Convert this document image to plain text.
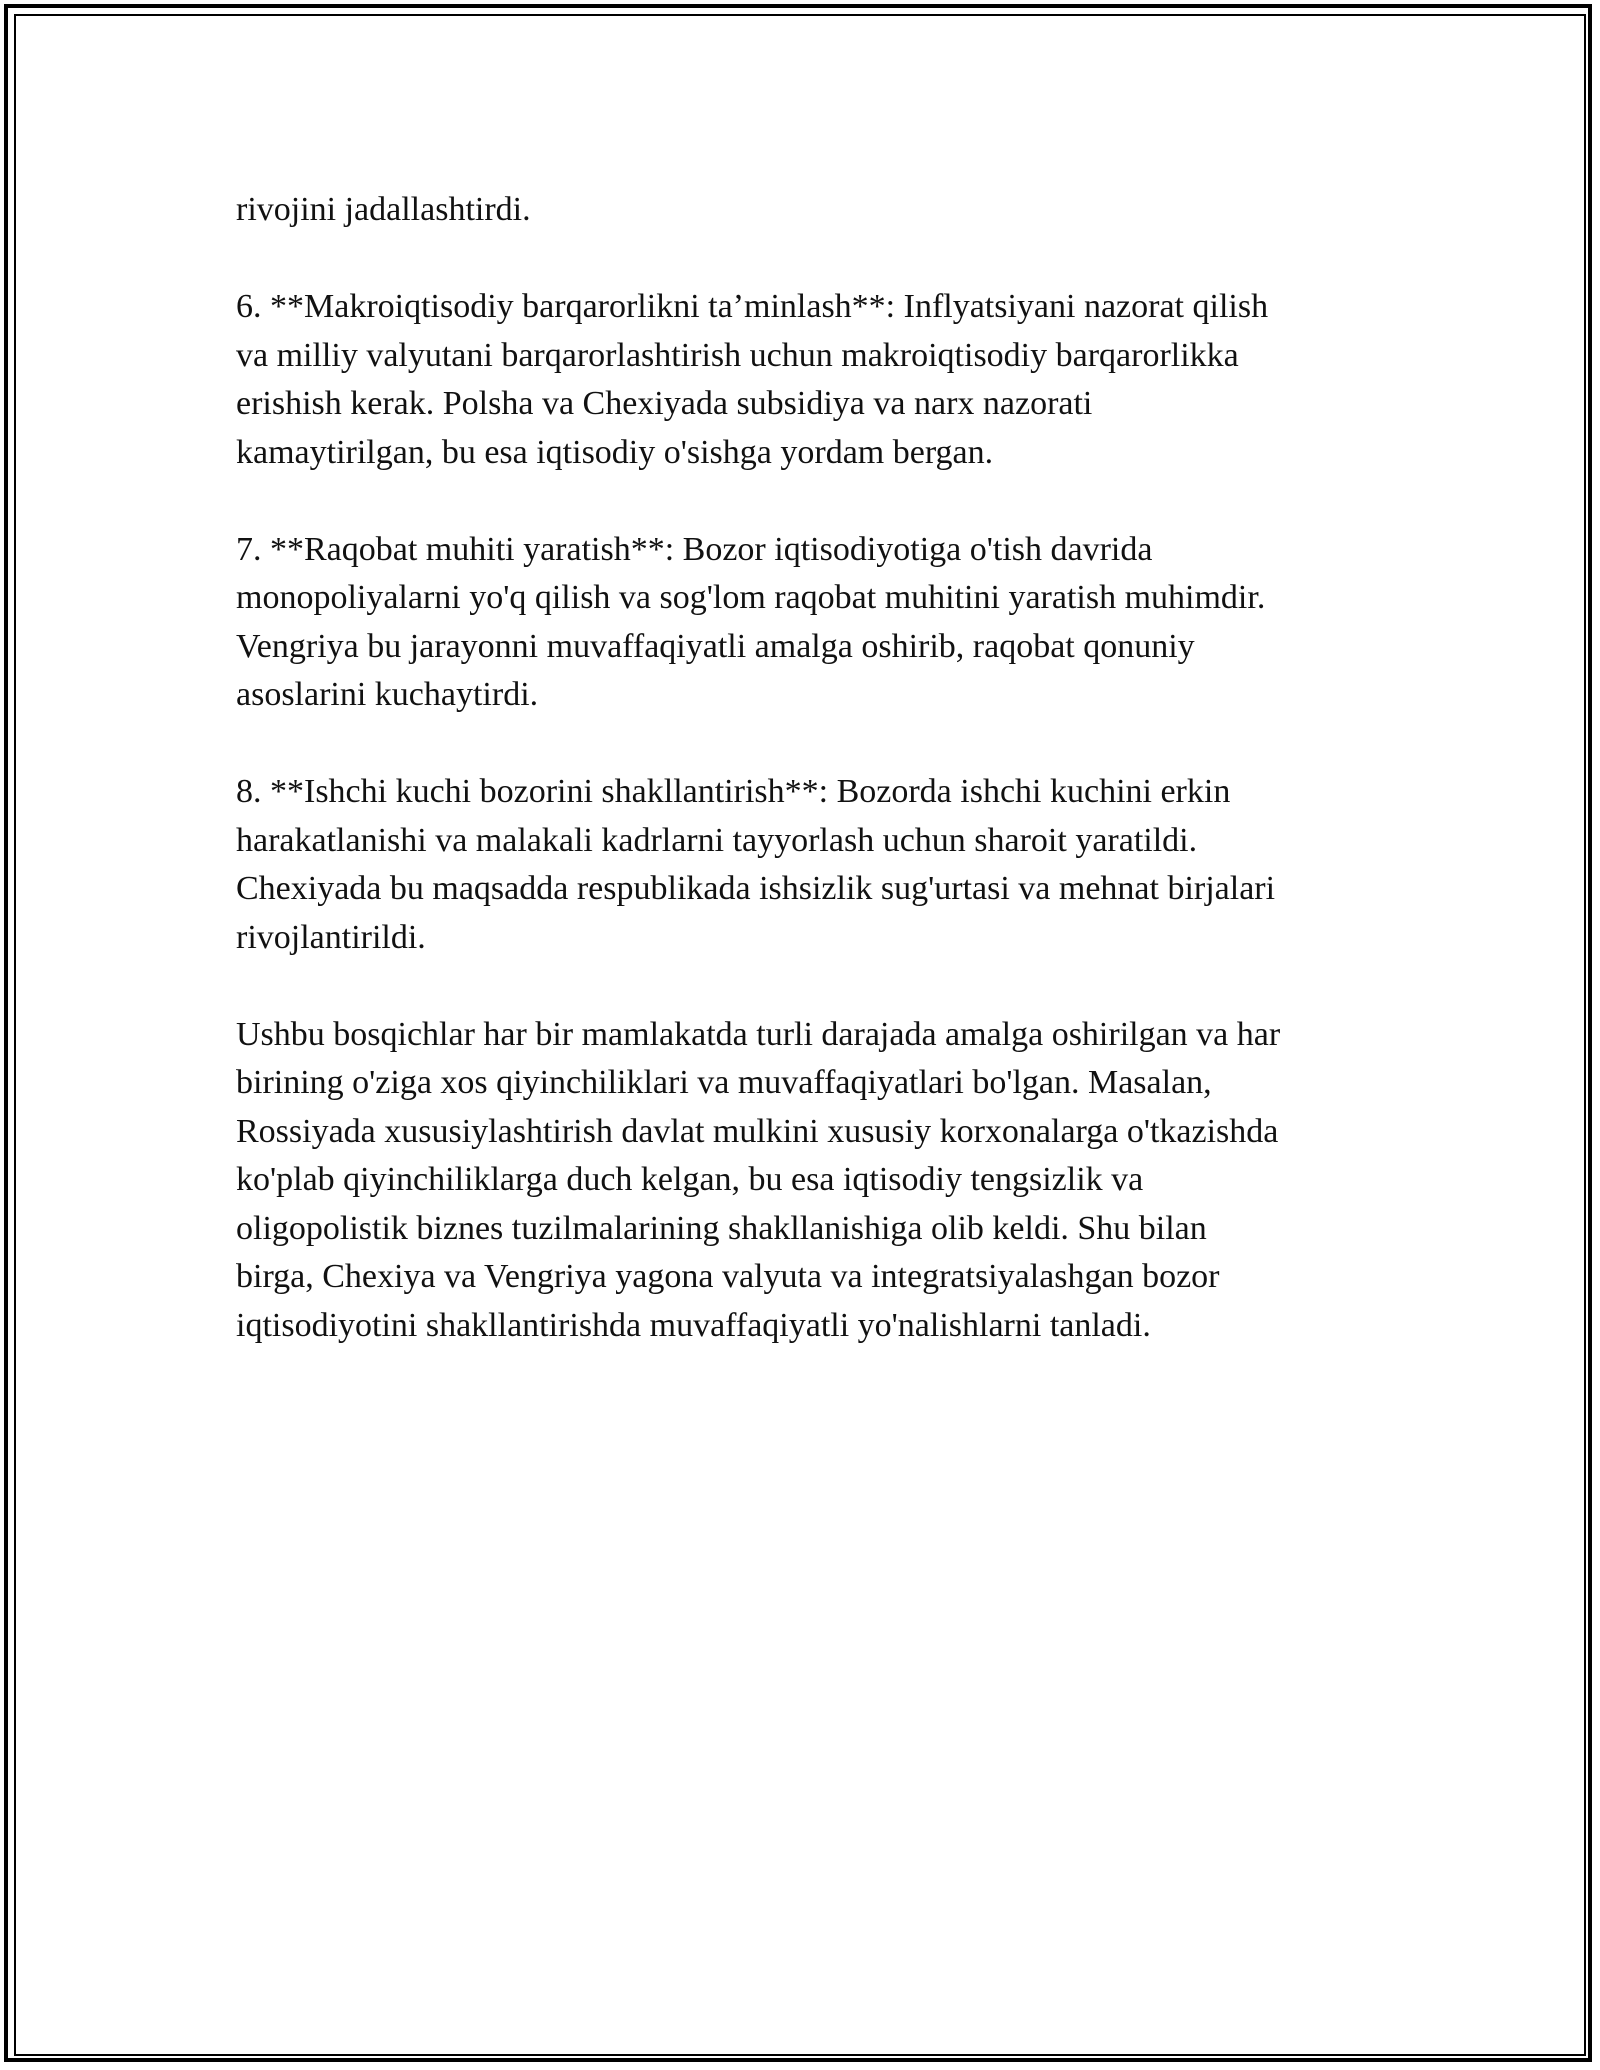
rivojini jadallashtirdi.

6. **Makroiqtisodiy barqarorlikni ta’minlash**: Inflyatsiyani nazorat qilish
va milliy valyutani barqarorlashtirish uchun makroiqtisodiy barqarorlikka
erishish kerak. Polsha va Chexiyada subsidiya va narx nazorati
kamaytirilgan, bu esa iqtisodiy o'sishga yordam bergan.

7. **Raqobat muhiti yaratish**: Bozor iqtisodiyotiga o'tish davrida
monopoliyalarni yo'q qilish va sog'lom raqobat muhitini yaratish muhimdir.
Vengriya bu jarayonni muvaffaqiyatli amalga oshirib, raqobat qonuniy
asoslarini kuchaytirdi.

8. **Ishchi kuchi bozorini shakllantirish**: Bozorda ishchi kuchini erkin
harakatlanishi va malakali kadrlarni tayyorlash uchun sharoit yaratildi.
Chexiyada bu maqsadda respublikada ishsizlik sug'urtasi va mehnat birjalari
rivojlantirildi.

Ushbu bosqichlar har bir mamlakatda turli darajada amalga oshirilgan va har
birining o'ziga xos qiyinchiliklari va muvaffaqiyatlari bo'lgan. Masalan,
Rossiyada xususiylashtirish davlat mulkini xususiy korxonalarga o'tkazishda
ko'plab qiyinchiliklarga duch kelgan, bu esa iqtisodiy tengsizlik va
oligopolistik biznes tuzilmalarining shakllanishiga olib keldi. Shu bilan
birga, Chexiya va Vengriya yagona valyuta va integratsiyalashgan bozor
iqtisodiyotini shakllantirishda muvaffaqiyatli yo'nalishlarni tanladi.
